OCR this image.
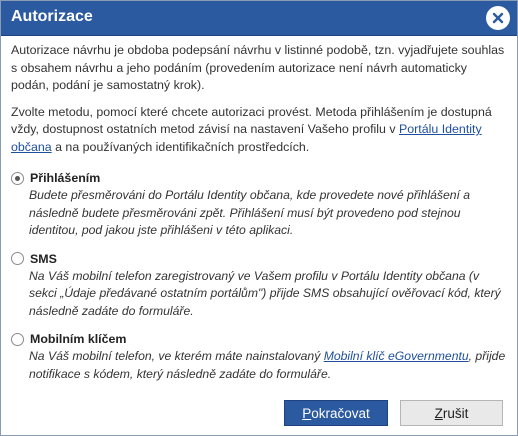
Autorizace

Autorizace návrhu je obdoba podepsání návrhu v listinné podobě, tzn. vyjadřujete souhlas s obsahem návrhu a jeho podáním (provedením autorizace není návrh automaticky podán, podání je samostatný krok).

Zvolte metodu, pomocí které chcete autorizaci provést. Metoda přihlášením je dostupná vždy, dostupnost ostatních metod závisí na nastavení Vašeho profilu v Portálu Identity občana a na používaných identifikačních prostředcích.

Přihlášením
Budete přesměrováni do Portálu Identity občana, kde provedete nové přihlášení a následně budete přesměrováni zpět. Přihlášení musí být provedeno pod stejnou identitou, pod jakou jste přihlášeni v této aplikaci.
SMS
Na Váš mobilní telefon zaregistrovaný ve Vašem profilu v Portálu Identity občana (v sekci „Údaje předávané ostatním portálům") přijde SMS obsahující ověřovací kód, který následně zadáte do formuláře.
Mobilním klíčem
Na Váš mobilní telefon, ve kterém máte nainstalovaný Mobilní klíč eGovernmentu, přijde notifikace s kódem, který následně zadáte do formuláře.
P okračovat	Z rušit
